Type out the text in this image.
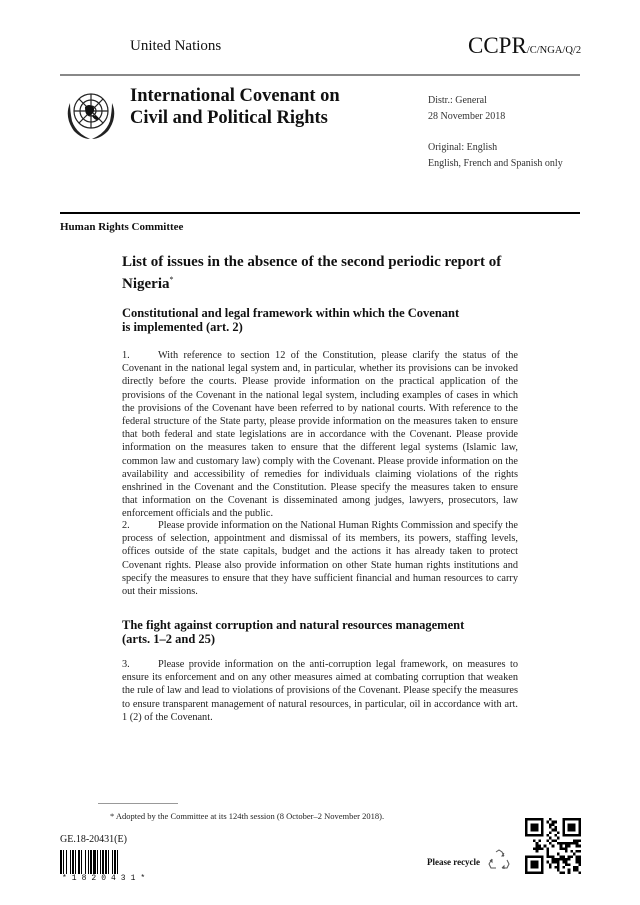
United Nations	CCPR/C/NGA/Q/2
International Covenant on
Civil and Political Rights
Distr.: General
28 November 2018
Original: English
English, French and Spanish only
Human Rights Committee
List of issues in the absence of the second periodic report of Nigeria*
Constitutional and legal framework within which the Covenant
is implemented (art. 2)
1.	With reference to section 12 of the Constitution, please clarify the status of the Covenant in the national legal system and, in particular, whether its provisions can be invoked directly before the courts. Please provide information on the practical application of the provisions of the Covenant in the national legal system, including examples of cases in which the provisions of the Covenant have been referred to by national courts. With reference to the federal structure of the State party, please provide information on the measures taken to ensure that both federal and state legislations are in accordance with the Covenant. Please provide information on the measures taken to ensure that the different legal systems (Islamic law, common law and customary law) comply with the Covenant. Please provide information on the availability and accessibility of remedies for individuals claiming violations of the rights enshrined in the Covenant and the Constitution. Please specify the measures taken to ensure that information on the Covenant is disseminated among judges, lawyers, prosecutors, law enforcement officials and the public.
2.	Please provide information on the National Human Rights Commission and specify the process of selection, appointment and dismissal of its members, its powers, staffing levels, offices outside of the state capitals, budget and the actions it has already taken to protect Covenant rights. Please also provide information on other State human rights institutions and specify the measures to ensure that they have sufficient financial and human resources to carry out their missions.
The fight against corruption and natural resources management
(arts. 1–2 and 25)
3.	Please provide information on the anti-corruption legal framework, on measures to ensure its enforcement and on any other measures aimed at combating corruption that weaken the rule of law and lead to violations of provisions of the Covenant. Please specify the measures to ensure transparent management of natural resources, in particular, oil in accordance with art. 1 (2) of the Covenant.
* Adopted by the Committee at its 124th session (8 October–2 November 2018).
GE.18-20431(E)
*1820431*
Please recycle
